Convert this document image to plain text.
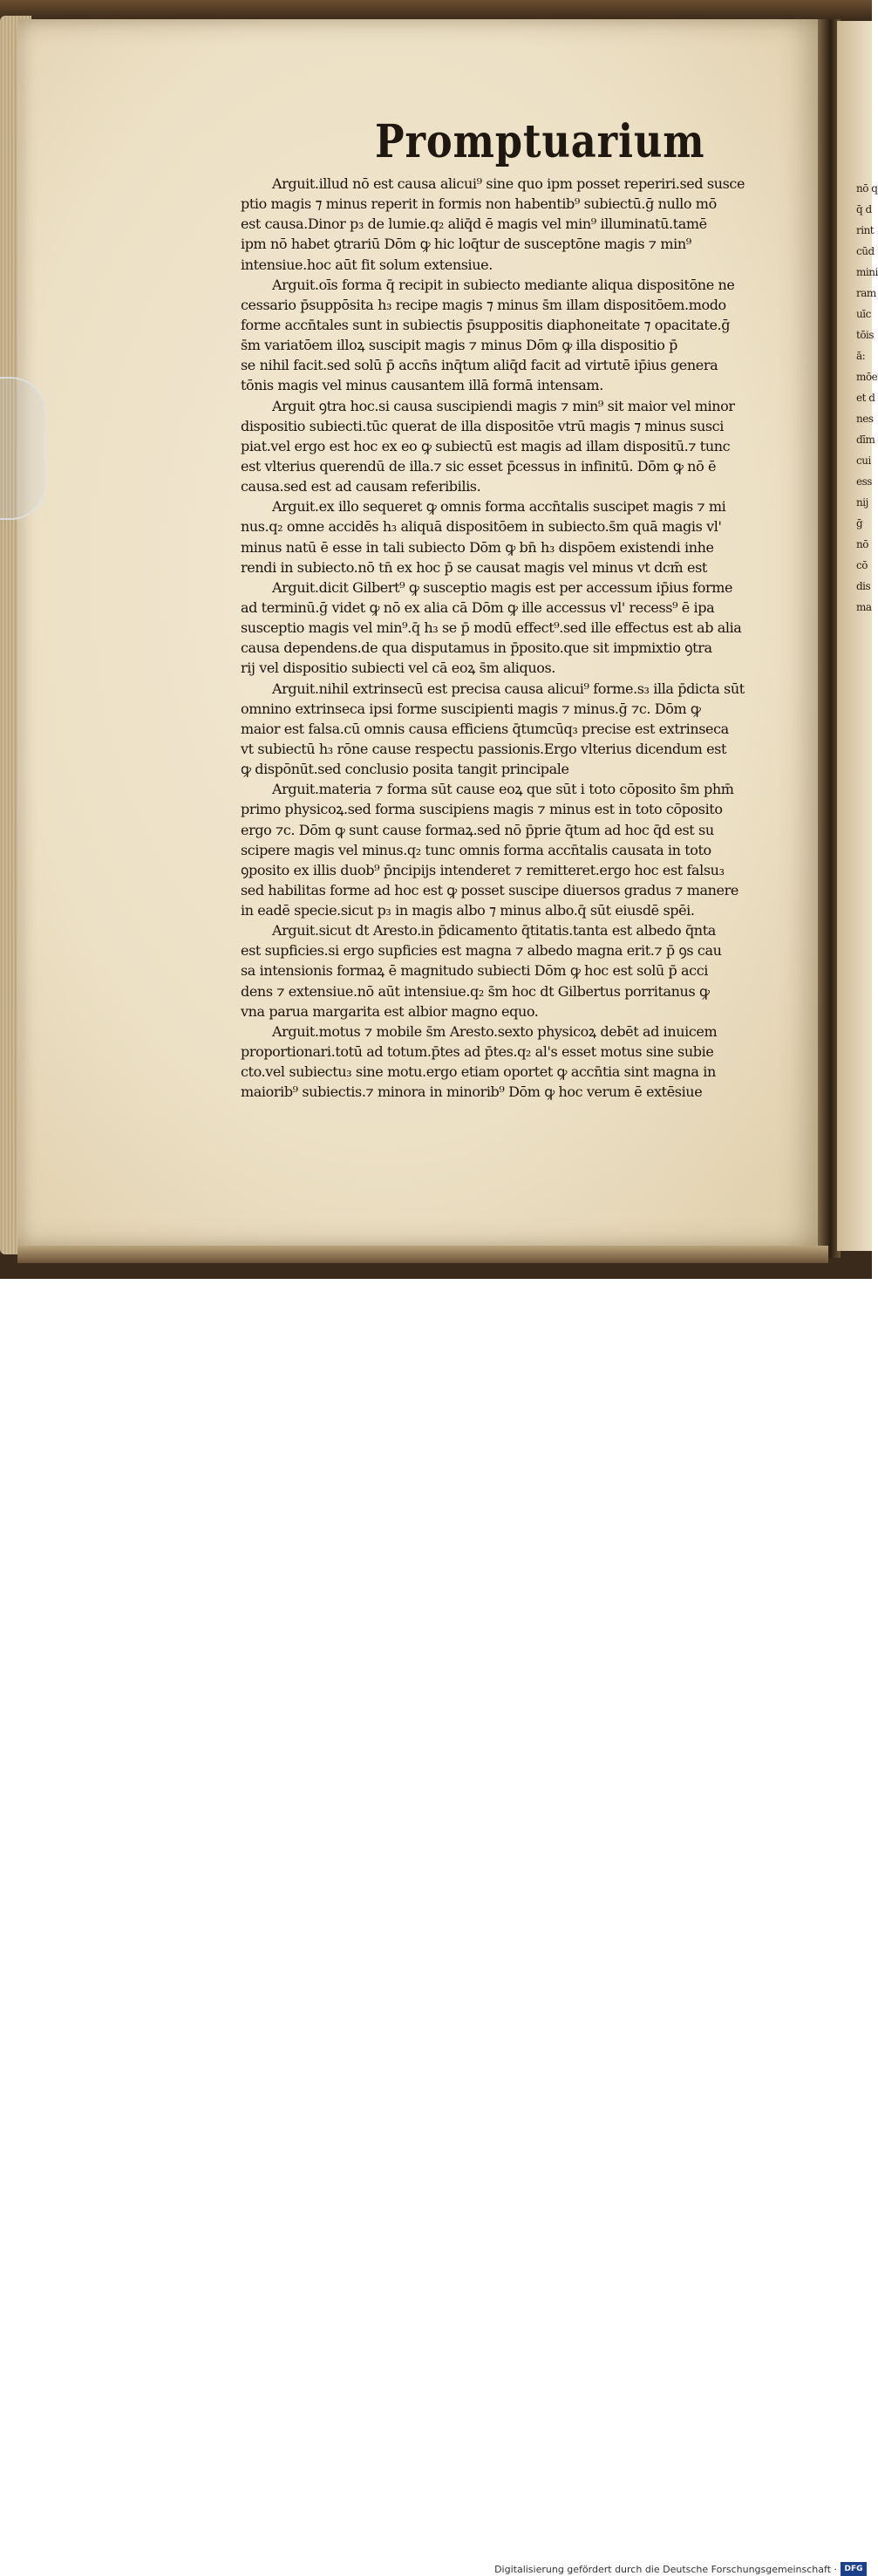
nō q
q̄ d
rint
cūd
mini
ram
uīc
tōis
ā:
mōe
et d
nes
dīm
cui
ess
nij
ḡ
nō
cō
dis
ma
Promptuarium
Arguit.illud nō est causa alicui⁹ sine quo ipm posset reperiri.sed susce
ptio magis ⁊ minus reperit in formis non habentib⁹ subiectū.ḡ nullo mō
est causa.Dinor p₃ de lumie.q₂ aliq̄d ē magis vel min⁹ illuminatū.tamē
ipm nō habet ꝯtrariū Dōm ꝙ hic loq̄tur de susceptōne magis ⁊ min⁹
intensiue.hoc aūt fit solum extensiue.
Arguit.oīs forma q̄ recipit in subiecto mediante aliqua dispositōne ne
cessario p̄suppōsita h₃ recipe magis ⁊ minus s̄m illam dispositōem.modo
forme accn̄tales sunt in subiectis p̄suppositis diaphoneitate ⁊ opacitate.ḡ
s̄m variatōem illoꝝ suscipit magis ⁊ minus Dōm ꝙ illa dispositio p̄
se nihil facit.sed solū p̄ accn̄s inq̄tum aliq̄d facit ad virtutē ip̄ius genera
tōnis magis vel minus causantem illā formā intensam.
Arguit ꝯtra hoc.si causa suscipiendi magis ⁊ min⁹ sit maior vel minor
dispositio subiecti.tūc querat de illa dispositōe vtrū magis ⁊ minus susci
piat.vel ergo est hoc ex eo ꝙ subiectū est magis ad illam dispositū.⁊ tunc
est vlterius querendū de illa.⁊ sic esset p̄cessus in infinitū. Dōm ꝙ nō ē
causa.sed est ad causam referibilis.
Arguit.ex illo sequeret ꝙ omnis forma accn̄talis suscipet magis ⁊ mi
nus.q₂ omne accidēs h₃ aliquā dispositōem in subiecto.s̄m quā magis vl'
minus natū ē esse in tali subiecto Dōm ꝙ bn̄ h₃ dispōem existendi inhe
rendi in subiecto.nō tn̄ ex hoc p̄ se causat magis vel minus vt dcm̄ est
Arguit.dicit Gilbert⁹ ꝙ susceptio magis est per accessum ip̄ius forme
ad terminū.ḡ videt ꝙ nō ex alia cā Dōm ꝙ ille accessus vl' recess⁹ ē ipa
susceptio magis vel min⁹.q̄ h₃ se p̄ modū effect⁹.sed ille effectus est ab alia
causa dependens.de qua disputamus in p̄posito.que sit impmixtio ꝯtra
rij vel dispositio subiecti vel cā eoꝝ s̄m aliquos.
Arguit.nihil extrinsecū est precisa causa alicui⁹ forme.s₃ illa p̄dicta sūt
omnino extrinseca ipsi forme suscipienti magis ⁊ minus.ḡ ⁊c. Dōm ꝙ
maior est falsa.cū omnis causa efficiens q̄tumcūq₃ precise est extrinseca
vt subiectū h₃ rōne cause respectu passionis.Ergo vlterius dicendum est
ꝙ dispōnūt.sed conclusio posita tangit principale
Arguit.materia ⁊ forma sūt cause eoꝝ que sūt i toto cōposito s̄m phm̄
primo physicoꝝ.sed forma suscipiens magis ⁊ minus est in toto cōposito
ergo ⁊c. Dōm ꝙ sunt cause formaꝝ.sed nō p̄prie q̄tum ad hoc q̄d est su
scipere magis vel minus.q₂ tunc omnis forma accn̄talis causata in toto
ꝯposito ex illis duob⁹ p̄ncipijs intenderet ⁊ remitteret.ergo hoc est falsu₃
sed habilitas forme ad hoc est ꝙ posset suscipe diuersos gradus ⁊ manere
in eadē specie.sicut p₃ in magis albo ⁊ minus albo.q̄ sūt eiusdē spēi.
Arguit.sicut dt Aresto.in p̄dicamento q̄titatis.tanta est albedo q̄nta
est supficies.si ergo supficies est magna ⁊ albedo magna erit.⁊ p̄ ꝯs cau
sa intensionis formaꝝ ē magnitudo subiecti Dōm ꝙ hoc est solū p̄ acci
dens ⁊ extensiue.nō aūt intensiue.q₂ s̄m hoc dt Gilbertus porritanus ꝙ
vna parua margarita est albior magno equo.
Arguit.motus ⁊ mobile s̄m Aresto.sexto physicoꝝ debēt ad inuicem
proportionari.totū ad totum.p̄tes ad p̄tes.q₂ al's esset motus sine subie
cto.vel subiectu₃ sine motu.ergo etiam oportet ꝙ accn̄tia sint magna in
maiorib⁹ subiectis.⁊ minora in minorib⁹ Dōm ꝙ hoc verum ē extēsiue
Digitalisierung gefördert durch die Deutsche Forschungsgemeinschaft · DFG
